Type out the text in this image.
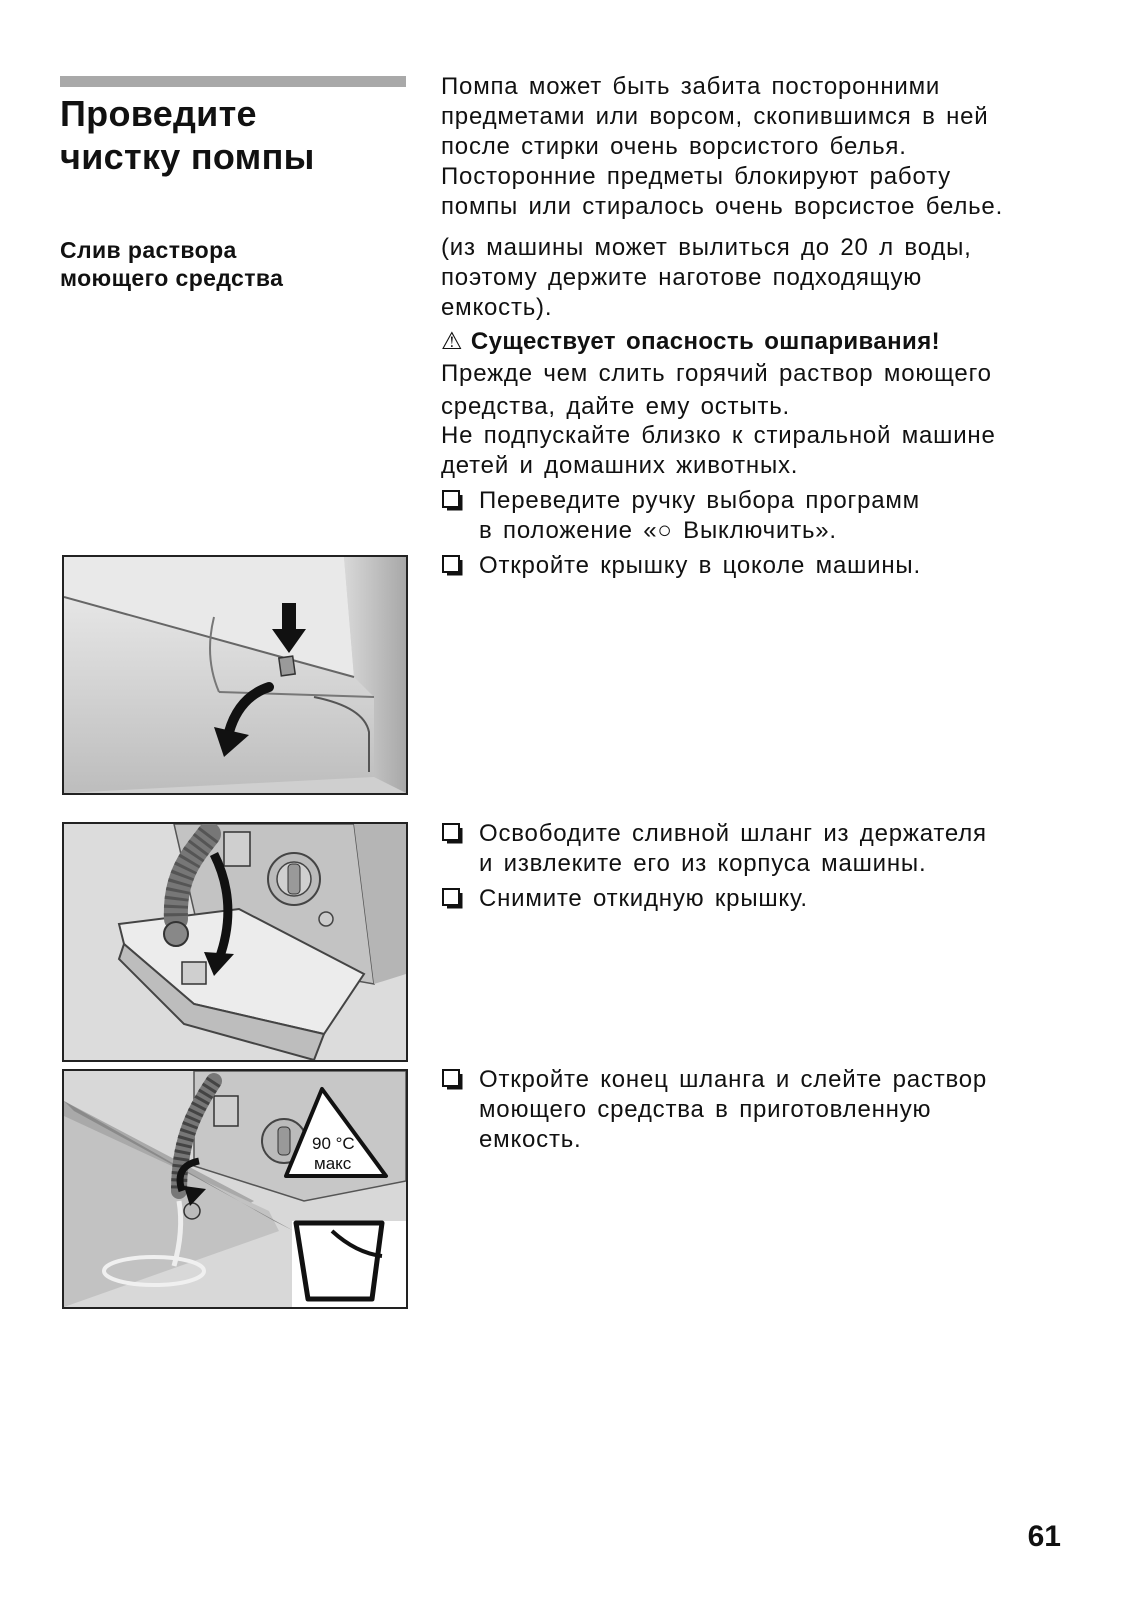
Проведите
чистку помпы
Слив раствора
моющего средства

Помпа может быть забита посторонними
предметами или ворсом, скопившимся в ней
после стирки очень ворсистого белья.
Посторонние предметы блокируют работу
помпы или стиралось очень ворсистое белье.

(из машины может вылиться до 20 л воды,
поэтому держите наготове подходящую
емкость).

⚠ Существует опасность ошпаривания!

Прежде чем слить горячий раствор моющего
средства, дайте ему остыть.

Не подпускайте близко к стиральной машине
детей и домашних животных.

Переведите ручку выбора программ
в положение «○ Выключить».
Откройте крышку в цоколе машины.
Освободите сливной шланг из держателя
и извлеките его из корпуса машины.
Снимите откидную крышку.
Откройте конец шланга и слейте раствор
моющего средства в приготовленную
емкость.
90 °C
макс
61
